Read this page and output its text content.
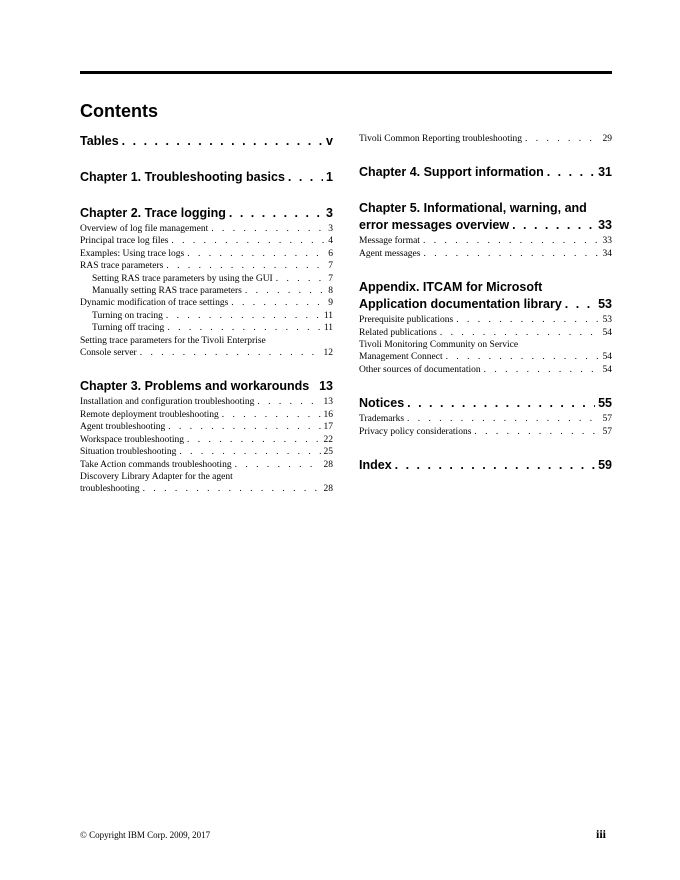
Contents
Tables . . .	v
Chapter 1. Troubleshooting basics . . .	1
Chapter 2. Trace logging . . .	3
Overview of log file management . . .	3
Principal trace log files . . .	4
Examples: Using trace logs . . .	6
RAS trace parameters . . .	7
Setting RAS trace parameters by using the GUI . . .	7
Manually setting RAS trace parameters . . .	8
Dynamic modification of trace settings . . .	9
Turning on tracing . . .	11
Turning off tracing . . .	11
Setting trace parameters for the Tivoli Enterprise
Console server . . .	12
Chapter 3. Problems and workarounds 13
Installation and configuration troubleshooting . . .	13
Remote deployment troubleshooting . . .	16
Agent troubleshooting . . .	17
Workspace troubleshooting . . .	22
Situation troubleshooting . . .	25
Take Action commands troubleshooting . . .	28
Discovery Library Adapter for the agent
troubleshooting . . .	28
Tivoli Common Reporting troubleshooting . . .	29
Chapter 4. Support information . . .	31
Chapter 5. Informational, warning, and
error messages overview . . .	33
Message format . . .	33
Agent messages . . .	34
Appendix. ITCAM for Microsoft
Application documentation library . . .	53
Prerequisite publications . . .	53
Related publications . . .	54
Tivoli Monitoring Community on Service
Management Connect . . .	54
Other sources of documentation . . .	54
Notices . . .	55
Trademarks . . .	57
Privacy policy considerations . . .	57
Index . . .	59
© Copyright IBM Corp. 2009, 2017	iii
